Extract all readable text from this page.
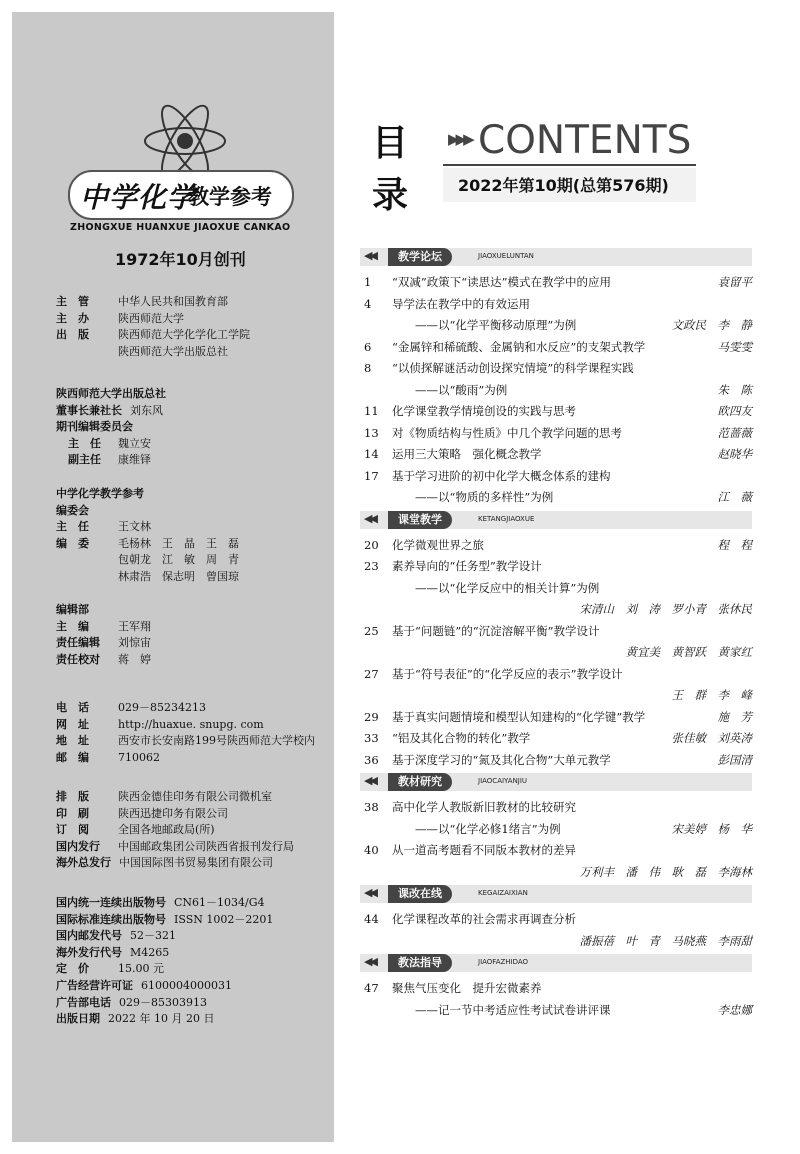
中学化学
教学参考
ZHONGXUE HUANXUE JIAOXUE CANKAO
1972年10月创刊
主　管	中华人民共和国教育部
主　办	陕西师范大学
出　版	陕西师范大学化学化工学院
陕西师范大学出版总社
陕西师范大学出版总社
董事长兼社长 刘东风
期刊编辑委员会
主　任	魏立安
副主任	康维铎
中学化学教学参考
编委会
主　任	王文林
编　委	毛杨林　王　晶　王　磊
包朝龙　江　敏　周　青
林肃浩　保志明　曾国琼
编辑部
主　编	王军翔
责任编辑	刘惊宙
责任校对	蒋　婷
电　话	029－85234213
网　址	http://huaxue. snupg. com
地　址	西安市长安南路199号陕西师范大学校内
邮　编	710062
排　版	陕西金德佳印务有限公司微机室
印　刷	陕西迅捷印务有限公司
订　阅	全国各地邮政局(所)
国内发行	中国邮政集团公司陕西省报刊发行局
海外总发行 中国国际图书贸易集团有限公司
国内统一连续出版物号 CN61－1034/G4
国际标准连续出版物号 ISSN 1002－2201
国内邮发代号 52－321
海外发行代号 M4265
定　价	15.00 元
广告经营许可证 6100004000031
广告部电话 029－85303913
出版日期 2022 年 10 月 20 日
目
录
▶▶▶ CONTENTS
2022年第10期(总第576期)
◀◀	教学论坛	JIAOXUELUNTAN
1 “双减”政策下“读思达”模式在教学中的应用	袁留平
4 导学法在教学中的有效运用
——以“化学平衡移动原理”为例	文政民　李　静
6 “金属锌和稀硫酸、金属钠和水反应”的支架式教学	马雯雯
8 “以侦探解谜活动创设探究情境”的科学课程实践
——以“酸雨”为例	朱　陈
11 化学课堂教学情境创设的实践与思考	欧四友
13 对《物质结构与性质》中几个教学问题的思考	范蔷薇
14 运用三大策略　强化概念教学	赵晓华
17 基于学习进阶的初中化学大概念体系的建构
——以“物质的多样性”为例	江　薇
◀◀	课堂教学	KETANGJIAOXUE
20 化学微观世界之旅	程　程
23 素养导向的“任务型”教学设计
——以“化学反应中的相关计算”为例
宋清山　刘　涛　罗小青　张休民
25 基于“问题链”的“沉淀溶解平衡”教学设计
黄宜美　黄智跃　黄家红
27 基于“符号表征”的“化学反应的表示”教学设计
王　群　李　峰
29 基于真实问题情境和模型认知建构的“化学键”教学	施　芳
33 “铝及其化合物的转化”教学	张佳敏　刘英涛
36 基于深度学习的“氮及其化合物”大单元教学	彭国清
◀◀	教材研究	JIAOCAIYANJIU
38 高中化学人教版新旧教材的比较研究
——以“化学必修1绪言”为例	宋美婷　杨　华
40 从一道高考题看不同版本教材的差异
万利丰　潘　伟　耿　磊　李海林
◀◀	课改在线	KEGAIZAIXIAN
44 化学课程改革的社会需求再调查分析
潘振蓓　叶　青　马晓燕　李雨甜
◀◀	教法指导	JIAOFAZHIDAO
47 聚焦气压变化　提升宏微素养
——记一节中考适应性考试试卷讲评课	李忠娜
